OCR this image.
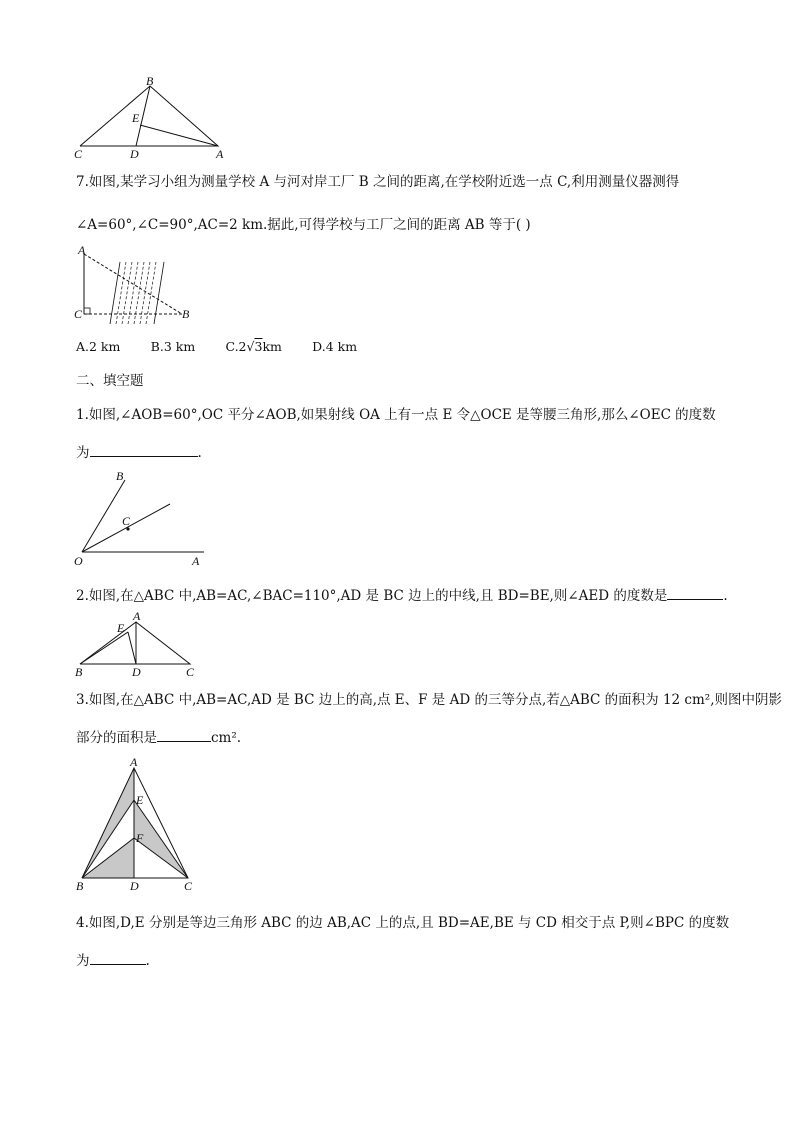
B
E
C	D	A
7.如图,某学习小组为测量学校 A 与河对岸工厂 B 之间的距离,在学校附近选一点 C,利用测量仪器测得
∠A=60°,∠C=90°,AC=2 km.据此,可得学校与工厂之间的距离 AB 等于( )
A
C	B
A.2 km B.3 km C.2√3km D.4 km
二、填空题
1.如图,∠AOB=60°,OC 平分∠AOB,如果射线 OA 上有一点 E 令△OCE 是等腰三角形,那么∠OEC 的度数
为	.
B
C
O	A
2.如图,在△ABC 中,AB=AC,∠BAC=110°,AD 是 BC 边上的中线,且 BD=BE,则∠AED 的度数是	.
E
A
B	D	C
3.如图,在△ABC 中,AB=AC,AD 是 BC 边上的高,点 E、F 是 AD 的三等分点,若△ABC 的面积为 12 cm²,则图中阴影
部分的面积是	cm².
A
E
F
B	D	C
4.如图,D,E 分别是等边三角形 ABC 的边 AB,AC 上的点,且 BD=AE,BE 与 CD 相交于点 P,则∠BPC 的度数
为	.
